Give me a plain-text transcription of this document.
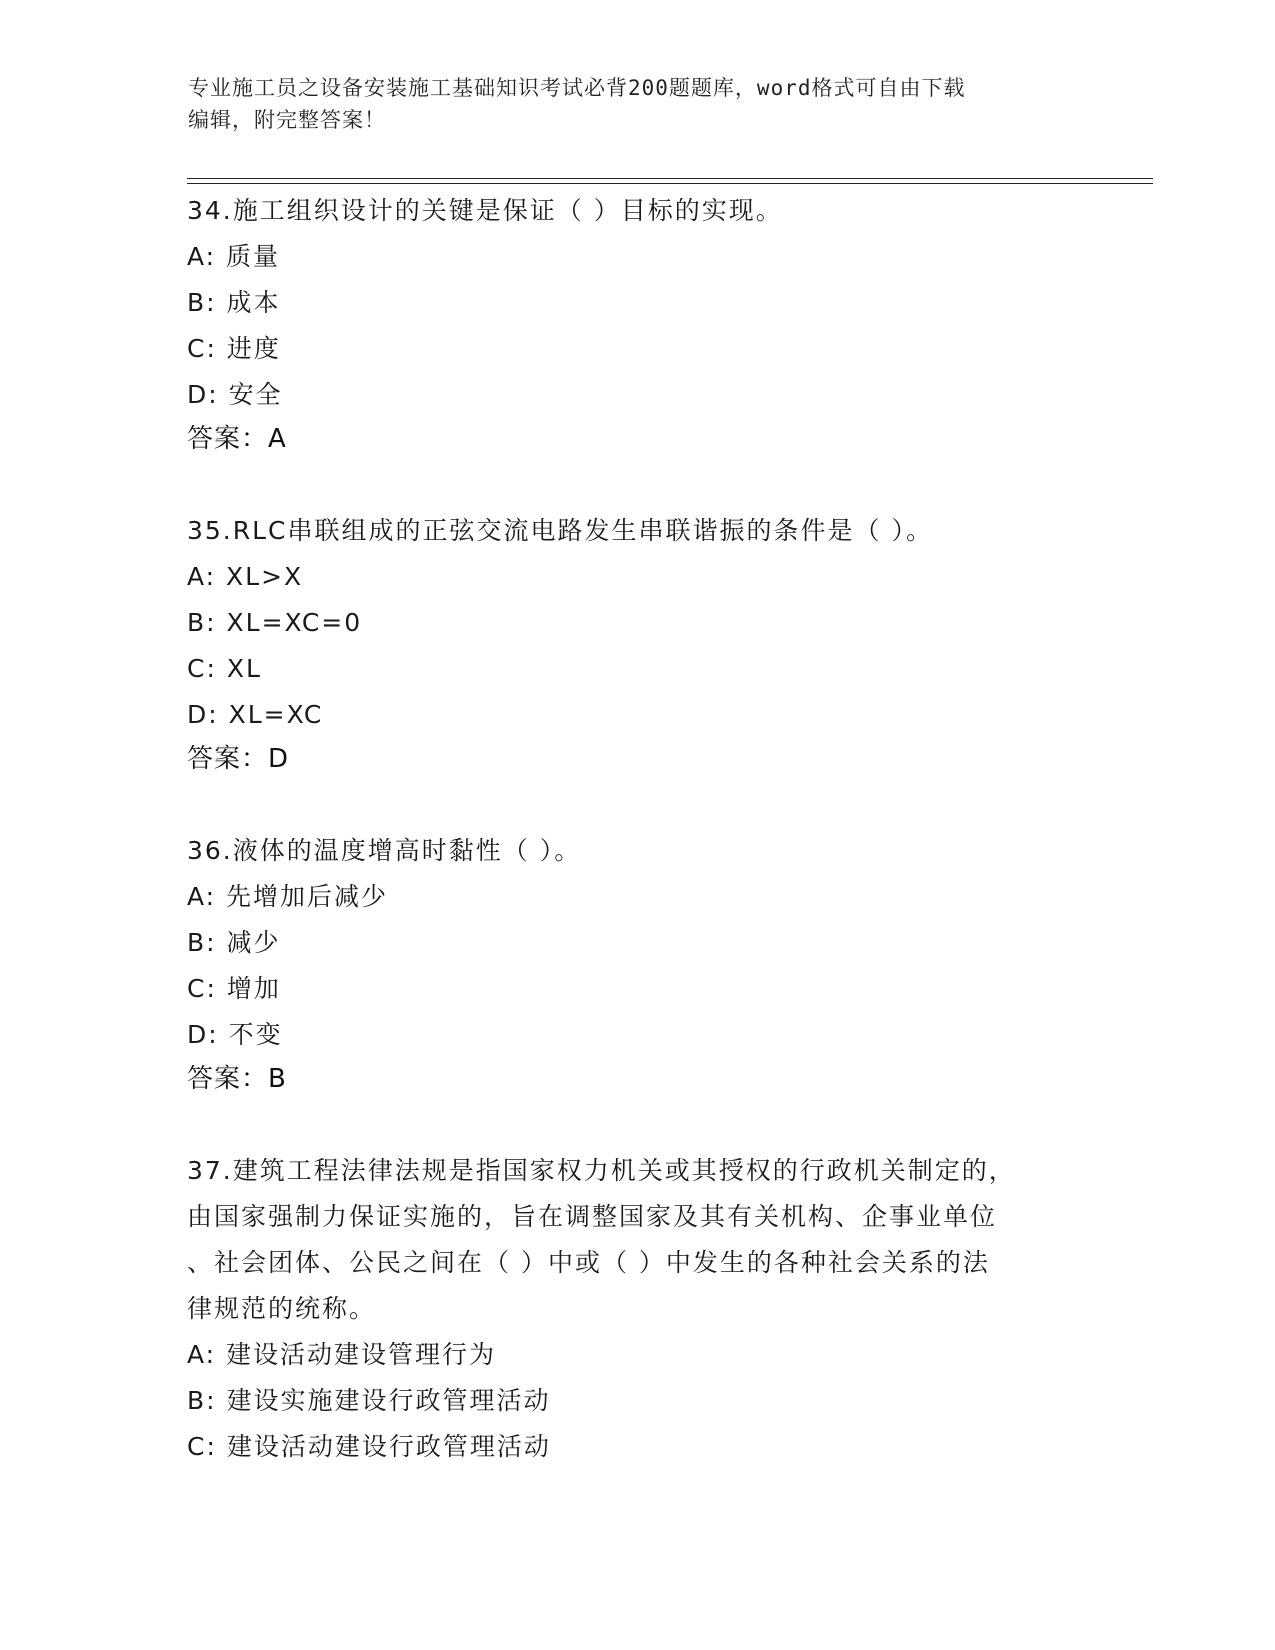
专业施工员之设备安装施工基础知识考试必背200题题库，word格式可自由下载
编辑，附完整答案！
34.施工组织设计的关键是保证（ ）目标的实现。
A: 质量
B: 成本
C: 进度
D: 安全
答案：A
35.RLC串联组成的正弦交流电路发生串联谐振的条件是（ ）。
A: XL>X
B: XL=XC=0
C: XL
D: XL=XC
答案：D
36.液体的温度增高时黏性（ ）。
A: 先增加后减少
B: 减少
C: 增加
D: 不变
答案：B
37.建筑工程法律法规是指国家权力机关或其授权的行政机关制定的，
由国家强制力保证实施的，旨在调整国家及其有关机构、企事业单位
、社会团体、公民之间在（ ）中或（ ）中发生的各种社会关系的法
律规范的统称。
A: 建设活动建设管理行为
B: 建设实施建设行政管理活动
C: 建设活动建设行政管理活动
